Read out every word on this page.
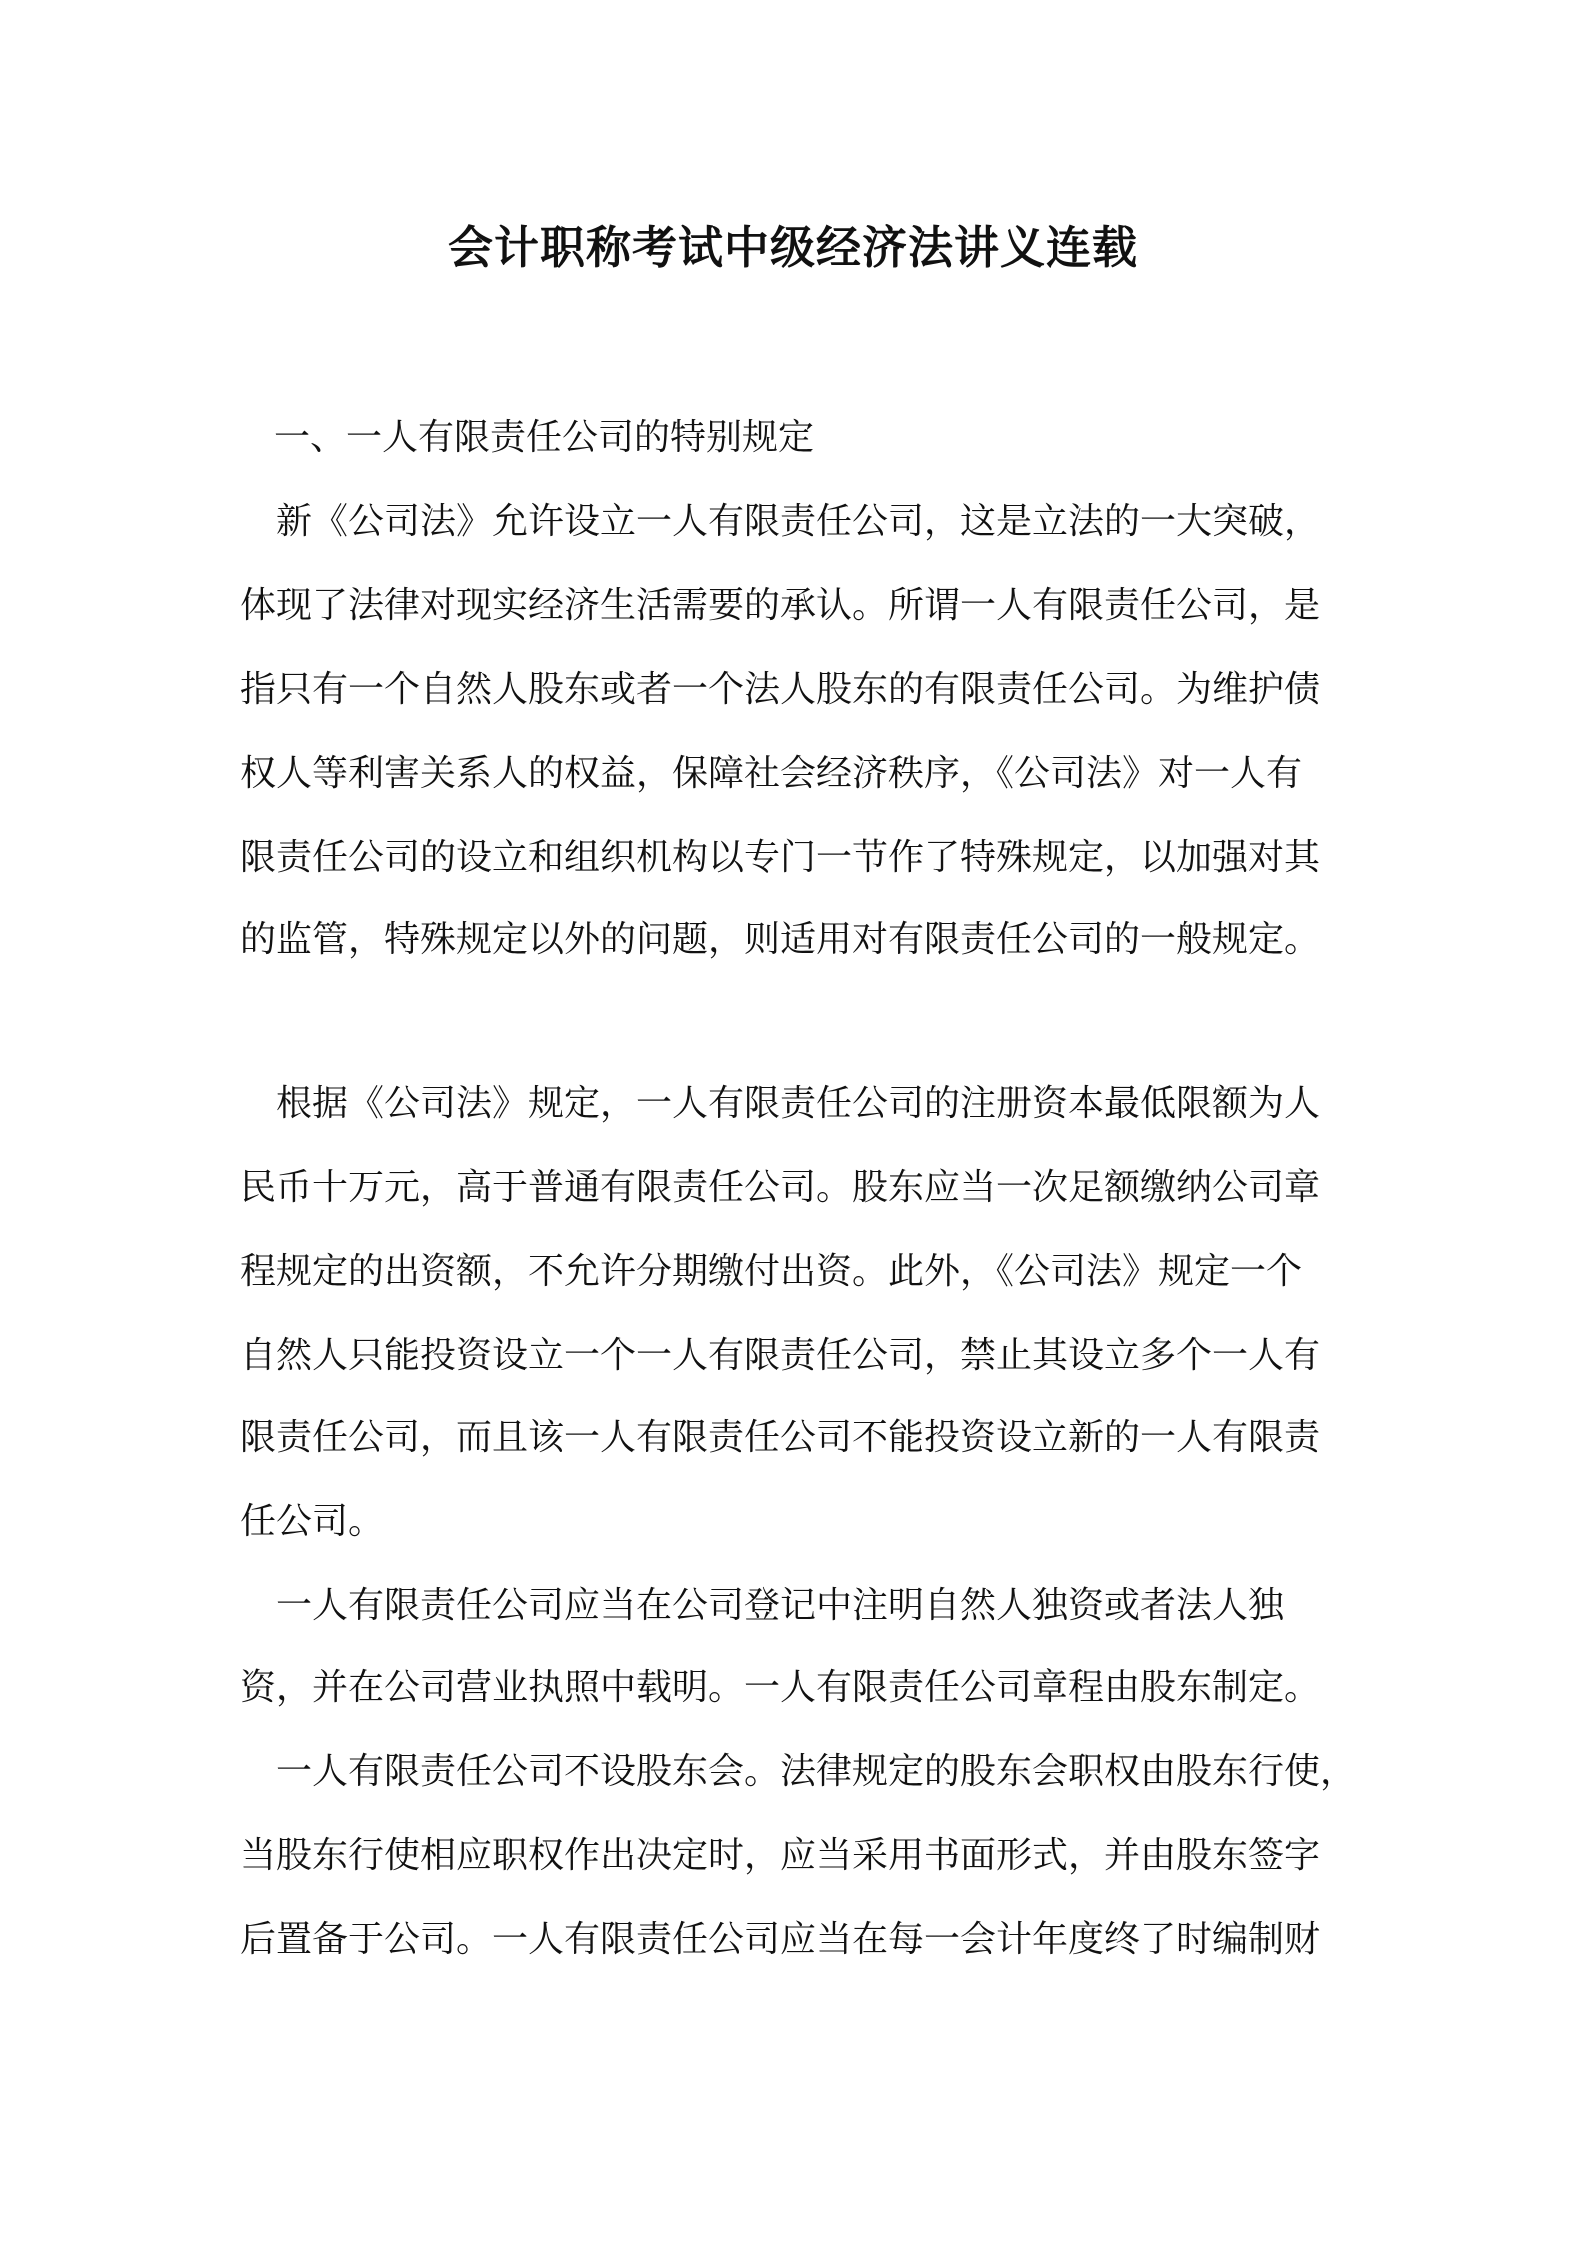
会计职称考试中级经济法讲义连载
一、一人有限责任公司的特别规定
新《公司法》允许设立一人有限责任公司，这是立法的一大突破，
体现了法律对现实经济生活需要的承认。所谓一人有限责任公司，是
指只有一个自然人股东或者一个法人股东的有限责任公司。为维护债
权人等利害关系人的权益，保障社会经济秩序，《公司法》对一人有
限责任公司的设立和组织机构以专门一节作了特殊规定，以加强对其
的监管，特殊规定以外的问题，则适用对有限责任公司的一般规定。
根据《公司法》规定，一人有限责任公司的注册资本最低限额为人
民币十万元，高于普通有限责任公司。股东应当一次足额缴纳公司章
程规定的出资额，不允许分期缴付出资。此外，《公司法》规定一个
自然人只能投资设立一个一人有限责任公司，禁止其设立多个一人有
限责任公司，而且该一人有限责任公司不能投资设立新的一人有限责
任公司。
一人有限责任公司应当在公司登记中注明自然人独资或者法人独
资，并在公司营业执照中载明。一人有限责任公司章程由股东制定。
一人有限责任公司不设股东会。法律规定的股东会职权由股东行使，
当股东行使相应职权作出决定时，应当采用书面形式，并由股东签字
后置备于公司。一人有限责任公司应当在每一会计年度终了时编制财
